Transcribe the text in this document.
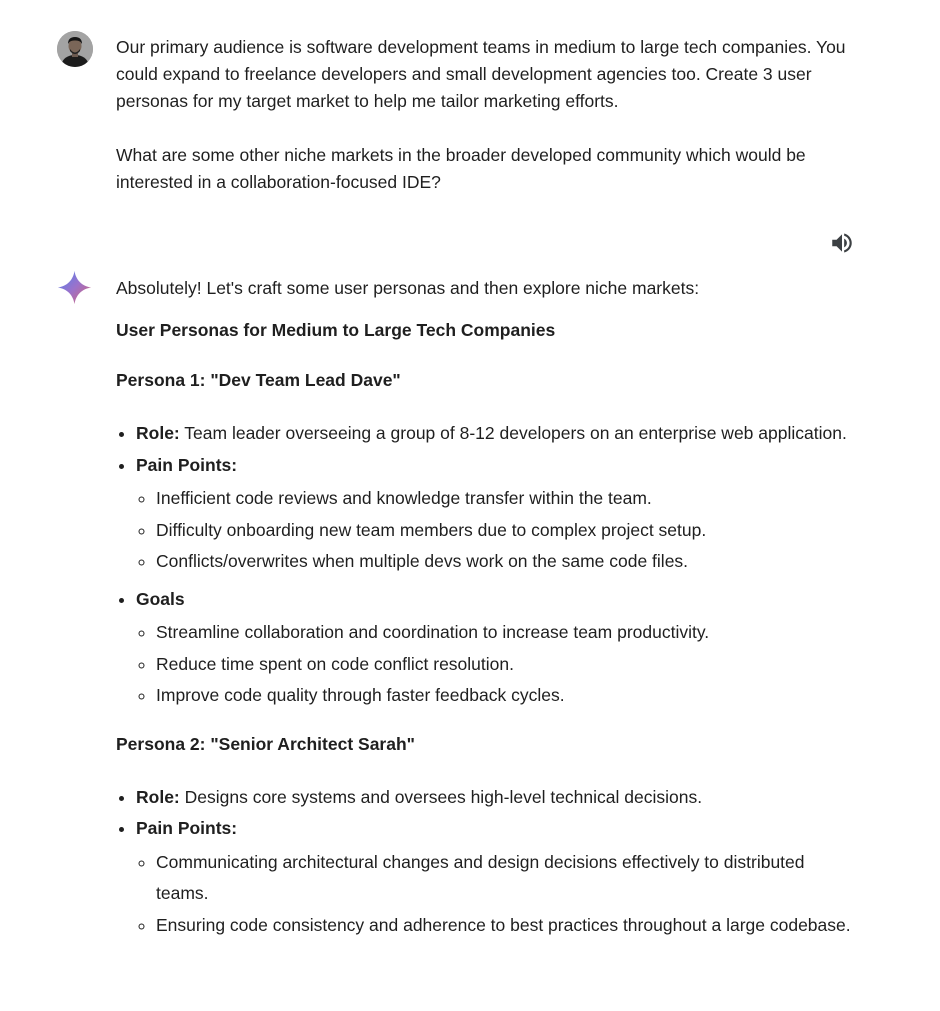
Our primary audience is software development teams in medium to large tech companies. You could expand to freelance developers and small development agencies too. Create 3 user personas for my target market to help me tailor marketing efforts.

What are some other niche markets in the broader developed community which would be interested in a collaboration-focused IDE?

Absolutely! Let's craft some user personas and then explore niche markets:

User Personas for Medium to Large Tech Companies

Persona 1: "Dev Team Lead Dave"

• Role: Team leader overseeing a group of 8-12 developers on an enterprise web application.
• Pain Points:
◦ Inefficient code reviews and knowledge transfer within the team.
◦ Difficulty onboarding new team members due to complex project setup.
◦ Conflicts/overwrites when multiple devs work on the same code files.
• Goals
◦ Streamline collaboration and coordination to increase team productivity.
◦ Reduce time spent on code conflict resolution.
◦ Improve code quality through faster feedback cycles.

Persona 2: "Senior Architect Sarah"

• Role: Designs core systems and oversees high-level technical decisions.
• Pain Points:
◦ Communicating architectural changes and design decisions effectively to distributed teams.
◦ Ensuring code consistency and adherence to best practices throughout a large codebase.
